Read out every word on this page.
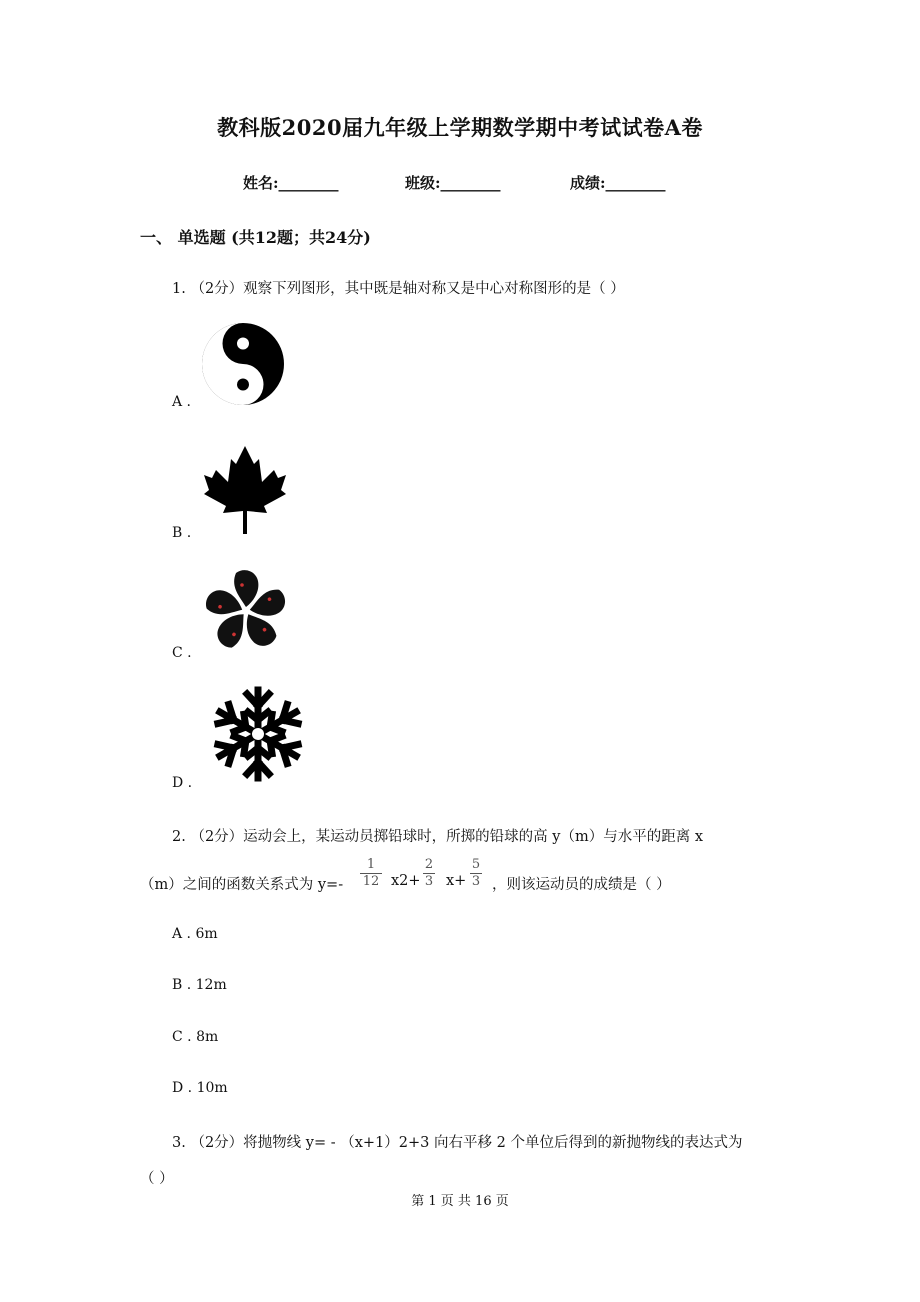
教科版2020届九年级上学期数学期中考试试卷A卷
姓名:________	班级:________	成绩:________
一、 单选题 (共12题；共24分)
1. （2分）观察下列图形，其中既是轴对称又是中心对称图形的是（ ）
A .
B .
C .
D .
2. （2分）运动会上，某运动员掷铅球时，所掷的铅球的高 y（m）与水平的距离 x
（m）之间的函数关系式为 y=-
1
12 x2+
2
3 x+
5
3 ，则该运动员的成绩是（ ）
A . 6m
B . 12m
C . 8m
D . 10m
3. （2分）将抛物线 y= - （x+1）2+3 向右平移 2 个单位后得到的新抛物线的表达式为
（ ）
第 1 页 共 16 页
